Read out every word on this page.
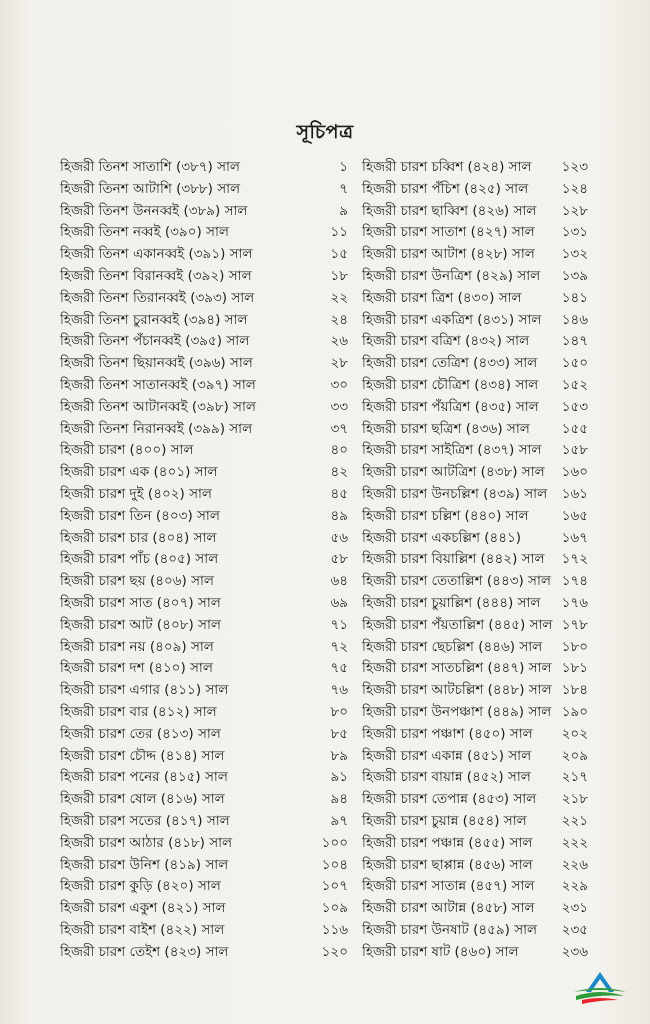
সূচিপত্র
হিজরী তিনশ সাতাশি (৩৮৭) সাল	১
হিজরী তিনশ আটাশি (৩৮৮) সাল	৭
হিজরী তিনশ উননব্বই (৩৮৯) সাল	৯
হিজরী তিনশ নব্বই (৩৯০) সাল	১১
হিজরী তিনশ একানব্বই (৩৯১) সাল	১৫
হিজরী তিনশ বিরানব্বই (৩৯২) সাল	১৮
হিজরী তিনশ তিরানব্বই (৩৯৩) সাল	২২
হিজরী তিনশ চুরানব্বই (৩৯৪) সাল	২৪
হিজরী তিনশ পঁচানব্বই (৩৯৫) সাল	২৬
হিজরী তিনশ ছিয়ানব্বই (৩৯৬) সাল	২৮
হিজরী তিনশ সাতানব্বই (৩৯৭) সাল	৩০
হিজরী তিনশ আটানব্বই (৩৯৮) সাল	৩৩
হিজরী তিনশ নিরানব্বই (৩৯৯) সাল	৩৭
হিজরী চারশ (৪০০) সাল	৪০
হিজরী চারশ এক (৪০১) সাল	৪২
হিজরী চারশ দুই (৪০২) সাল	৪৫
হিজরী চারশ তিন (৪০৩) সাল	৪৯
হিজরী চারশ চার (৪০৪) সাল	৫৬
হিজরী চারশ পাঁচ (৪০৫) সাল	৫৮
হিজরী চারশ ছয় (৪০৬) সাল	৬৪
হিজরী চারশ সাত (৪০৭) সাল	৬৯
হিজরী চারশ আট (৪০৮) সাল	৭১
হিজরী চারশ নয় (৪০৯) সাল	৭২
হিজরী চারশ দশ (৪১০) সাল	৭৫
হিজরী চারশ এগার (৪১১) সাল	৭৬
হিজরী চারশ বার (৪১২) সাল	৮০
হিজরী চারশ তের (৪১৩) সাল	৮৫
হিজরী চারশ চৌদ্দ (৪১৪) সাল	৮৯
হিজরী চারশ পনের (৪১৫) সাল	৯১
হিজরী চারশ ষোল (৪১৬) সাল	৯৪
হিজরী চারশ সতের (৪১৭) সাল	৯৭
হিজরী চারশ আঠার (৪১৮) সাল	১০০
হিজরী চারশ উনিশ (৪১৯) সাল	১০৪
হিজরী চারশ কুড়ি (৪২০) সাল	১০৭
হিজরী চারশ একুশ (৪২১) সাল	১০৯
হিজরী চারশ বাইশ (৪২২) সাল	১১৬
হিজরী চারশ তেইশ (৪২৩) সাল	১২০
হিজরী চারশ চব্বিশ (৪২৪) সাল ১২৩
হিজরী চারশ পঁচিশ (৪২৫) সাল ১২৪
হিজরী চারশ ছাব্বিশ (৪২৬) সাল ১২৮
হিজরী চারশ সাতাশ (৪২৭) সাল ১৩১
হিজরী চারশ আটাশ (৪২৮) সাল ১৩২
হিজরী চারশ উনত্রিশ (৪২৯) সাল ১৩৯
হিজরী চারশ ত্রিশ (৪৩০) সাল	১৪১
হিজরী চারশ একত্রিশ (৪৩১) সাল ১৪৬
হিজরী চারশ বত্রিশ (৪৩২) সাল ১৪৭
হিজরী চারশ তেত্রিশ (৪৩৩) সাল ১৫০
হিজরী চারশ চৌত্রিশ (৪৩৪) সাল ১৫২
হিজরী চারশ পঁয়ত্রিশ (৪৩৫) সাল ১৫৩
হিজরী চারশ ছত্রিশ (৪৩৬) সাল ১৫৫
হিজরী চারশ সাইত্রিশ (৪৩৭) সাল ১৫৮
হিজরী চারশ আটত্রিশ (৪৩৮) সাল ১৬০
হিজরী চারশ উনচল্লিশ (৪৩৯) সাল ১৬১
হিজরী চারশ চল্লিশ (৪৪০) সাল ১৬৫
হিজরী চারশ একচল্লিশ (৪৪১)	১৬৭
হিজরী চারশ বিয়াল্লিশ (৪৪২) সাল ১৭২
হিজরী চারশ তেতাল্লিশ (৪৪৩) সাল ১৭৪
হিজরী চারশ চুয়াল্লিশ (৪৪৪) সাল ১৭৬
হিজরী চারশ পঁয়তাল্লিশ (৪৪৫) সাল ১৭৮
হিজরী চারশ ছেচল্লিশ (৪৪৬) সাল ১৮০
হিজরী চারশ সাতচল্লিশ (৪৪৭) সাল ১৮১
হিজরী চারশ আটচল্লিশ (৪৪৮) সাল ১৮৪
হিজরী চারশ উনপঞ্চাশ (৪৪৯) সাল ১৯০
হিজরী চারশ পঞ্চাশ (৪৫০) সাল ২০২
হিজরী চারশ একান্ন (৪৫১) সাল ২০৯
হিজরী চারশ বায়ান্ন (৪৫২) সাল ২১৭
হিজরী চারশ তেপান্ন (৪৫৩) সাল ২১৮
হিজরী চারশ চুয়ান্ন (৪৫৪) সাল	২২১
হিজরী চারশ পঞ্চান্ন (৪৫৫) সাল ২২২
হিজরী চারশ ছাপ্পান্ন (৪৫৬) সাল ২২৬
হিজরী চারশ সাতান্ন (৪৫৭) সাল ২২৯
হিজরী চারশ আটান্ন (৪৫৮) সাল ২৩১
হিজরী চারশ উনষাট (৪৫৯) সাল ২৩৫
হিজরী চারশ ষাট (৪৬০) সাল	২৩৬
